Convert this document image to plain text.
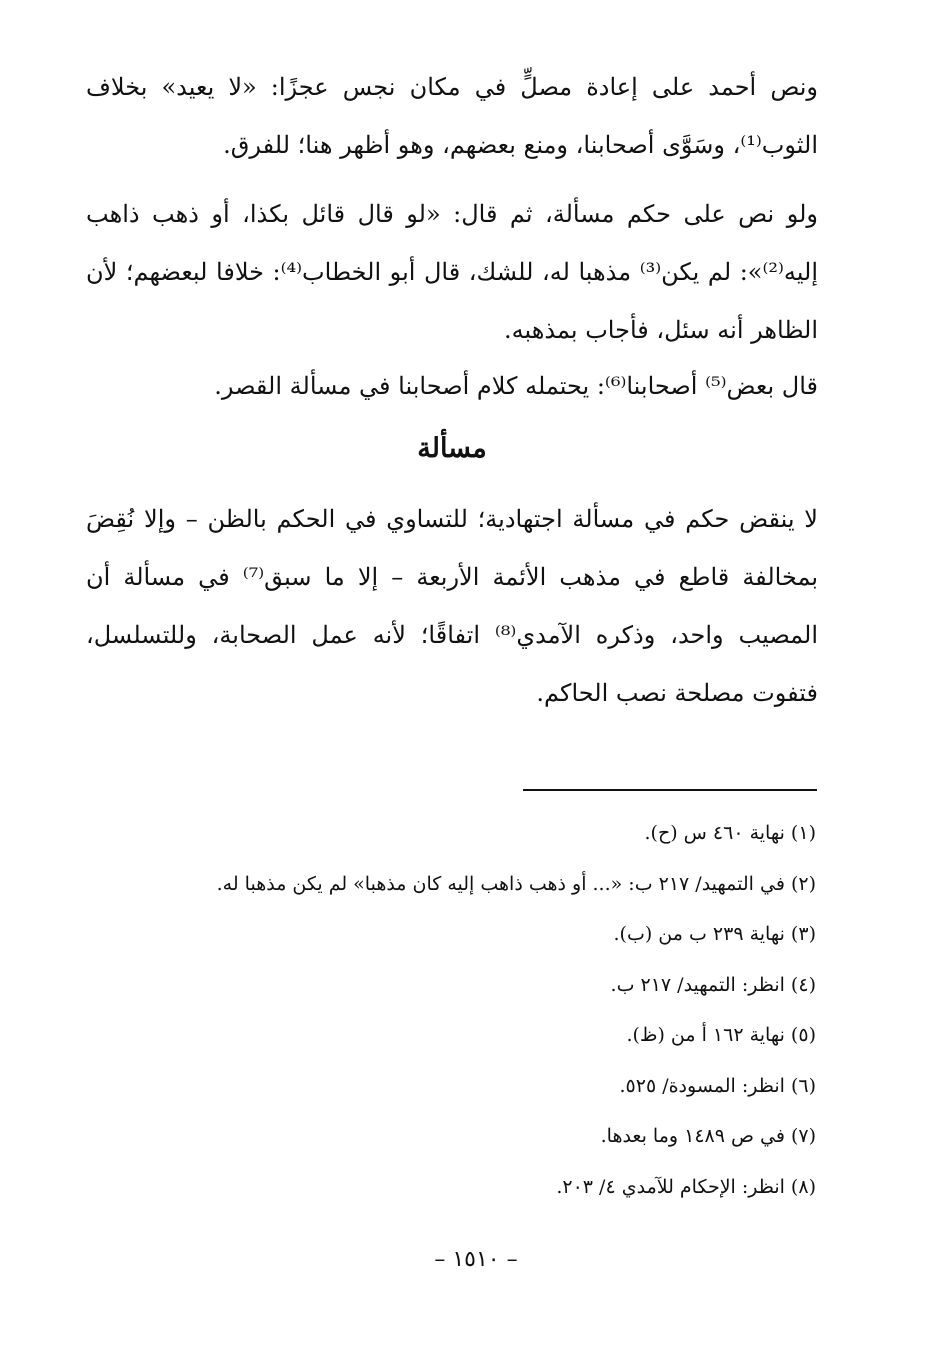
ونص أحمد على إعادة مصلٍّ في مكان نجس عجزًا: «لا يعيد» بخلاف الثوب⁽¹⁾، وسَوَّى أصحابنا، ومنع بعضهم، وهو أظهر هنا؛ للفرق.

ولو نص على حكم مسألة، ثم قال: «لو قال قائل بكذا، أو ذهب ذاهب إليه⁽²⁾»: لم يكن⁽³⁾ مذهبا له، للشك، قال أبو الخطاب⁽⁴⁾: خلافا لبعضهم؛ لأن الظاهر أنه سئل، فأجاب بمذهبه.

قال بعض⁽⁵⁾ أصحابنا⁽⁶⁾: يحتمله كلام أصحابنا في مسألة القصر.

مسألة

لا ينقض حكم في مسألة اجتهادية؛ للتساوي في الحكم بالظن – وإلا نُقِضَ بمخالفة قاطع في مذهب الأئمة الأربعة – إلا ما سبق⁽⁷⁾ في مسألة أن المصيب واحد، وذكره الآمدي⁽⁸⁾ اتفاقًا؛ لأنه عمل الصحابة، وللتسلسل، فتفوت مصلحة نصب الحاكم.

(١) نهاية ٤٦٠ س (ح).
(٢) في التمهيد/ ٢١٧ ب: «... أو ذهب ذاهب إليه كان مذهبا» لم يكن مذهبا له.
(٣) نهاية ٢٣٩ ب من (ب).
(٤) انظر: التمهيد/ ٢١٧ ب.
(٥) نهاية ١٦٢ أ من (ظ).
(٦) انظر: المسودة/ ٥٢٥.
(٧) في ص ١٤٨٩ وما بعدها.
(٨) انظر: الإحكام للآمدي ٤/ ٢٠٣.
– ١٥١٠ –
